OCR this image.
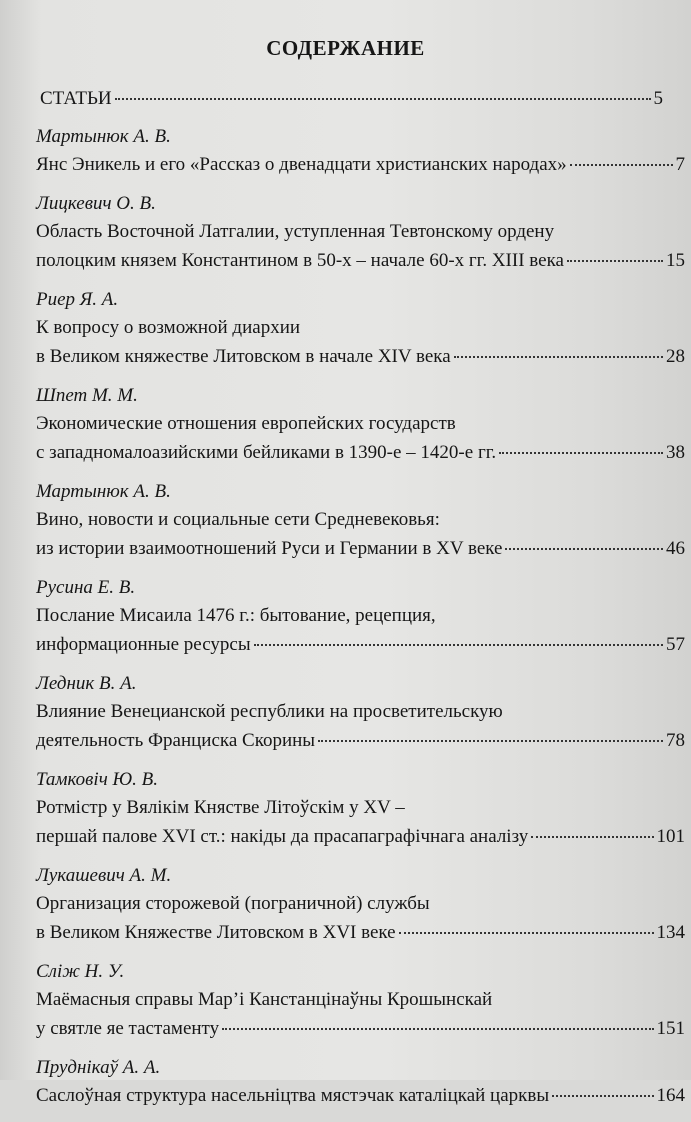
СОДЕРЖАНИЕ
СТАТЬИ	5
Мартынюк А. В.
Янс Эникель и его «Рассказ о двенадцати христианских народах»	7
Лицкевич О. В.
Область Восточной Латгалии, уступленная Тевтонскому ордену
полоцким князем Константином в 50-х – начале 60-х гг. XIII века	15
Риер Я. А.
К вопросу о возможной диархии
в Великом княжестве Литовском в начале XIV века	28
Шпет М. М.
Экономические отношения европейских государств
с западномалоазийскими бейликами в 1390-е – 1420-е гг.	38
Мартынюк А. В.
Вино, новости и социальные сети Средневековья:
из истории взаимоотношений Руси и Германии в XV веке	46
Русина Е. В.
Послание Мисаила 1476 г.: бытование, рецепция,
информационные ресурсы	57
Ледник В. А.
Влияние Венецианской республики на просветительскую
деятельность Франциска Скорины	78
Тамковіч Ю. В.
Ротмістр у Вялікім Княстве Літоўскім у XV –
першай палове XVI ст.: накіды да прасапаграфічнага аналізу	101
Лукашевич А. М.
Организация сторожевой (пограничной) службы
в Великом Княжестве Литовском в XVI веке	134
Сліж Н. У.
Маёмасныя справы Мар’і Канстанцінаўны Крошынскай
у святле яе тастаменту	151
Пруднікаў А. А.
Саслоўная структура насельніцтва мястэчак каталіцкай царквы	164
